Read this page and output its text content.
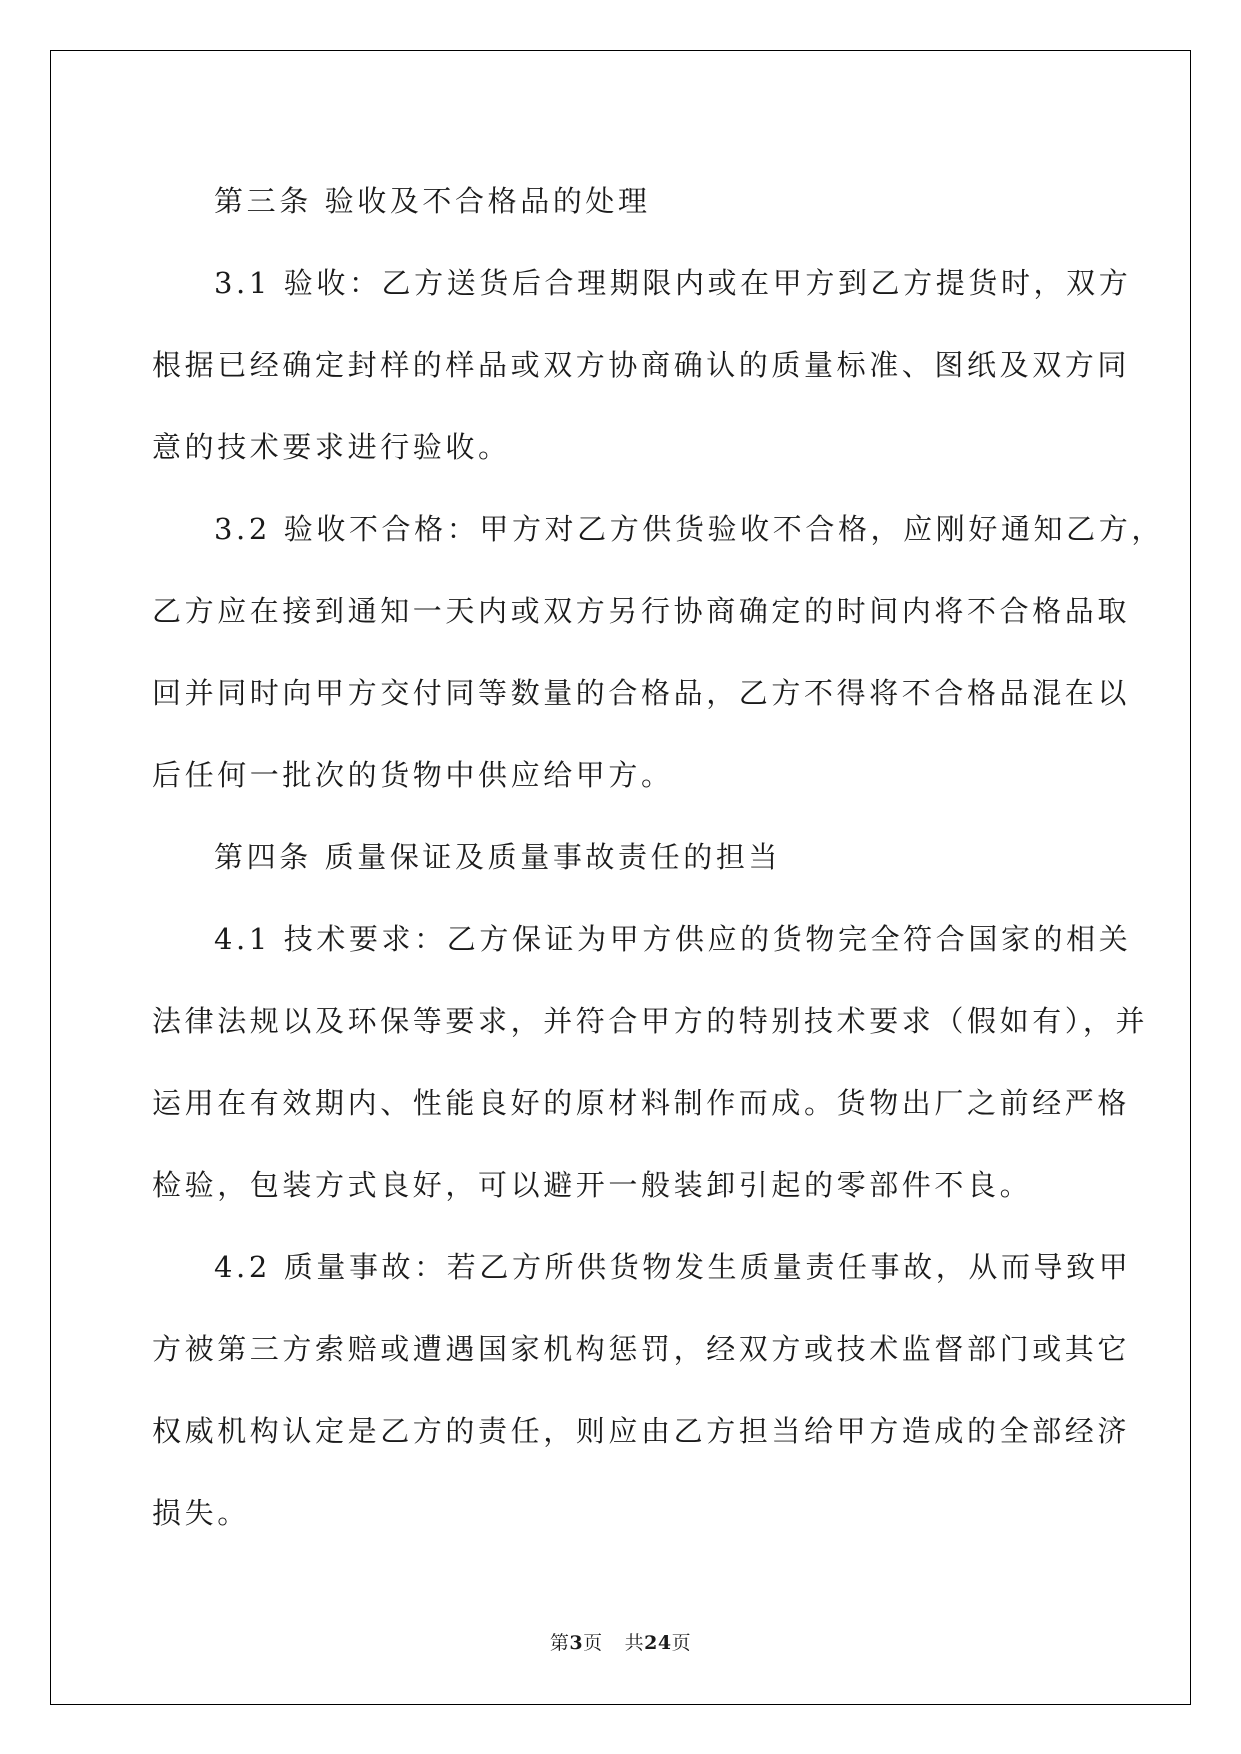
第三条 验收及不合格品的处理

3.1 验收：乙方送货后合理期限内或在甲方到乙方提货时，双方
根据已经确定封样的样品或双方协商确认的质量标准、图纸及双方同
意的技术要求进行验收。

3.2 验收不合格：甲方对乙方供货验收不合格，应刚好通知乙方，
乙方应在接到通知一天内或双方另行协商确定的时间内将不合格品取
回并同时向甲方交付同等数量的合格品，乙方不得将不合格品混在以
后任何一批次的货物中供应给甲方。

第四条 质量保证及质量事故责任的担当

4.1 技术要求：乙方保证为甲方供应的货物完全符合国家的相关
法律法规以及环保等要求，并符合甲方的特别技术要求（假如有），并
运用在有效期内、性能良好的原材料制作而成。货物出厂之前经严格
检验，包装方式良好，可以避开一般装卸引起的零部件不良。

4.2 质量事故：若乙方所供货物发生质量责任事故，从而导致甲
方被第三方索赔或遭遇国家机构惩罚，经双方或技术监督部门或其它
权威机构认定是乙方的责任，则应由乙方担当给甲方造成的全部经济
损失。

第3页 共24页
